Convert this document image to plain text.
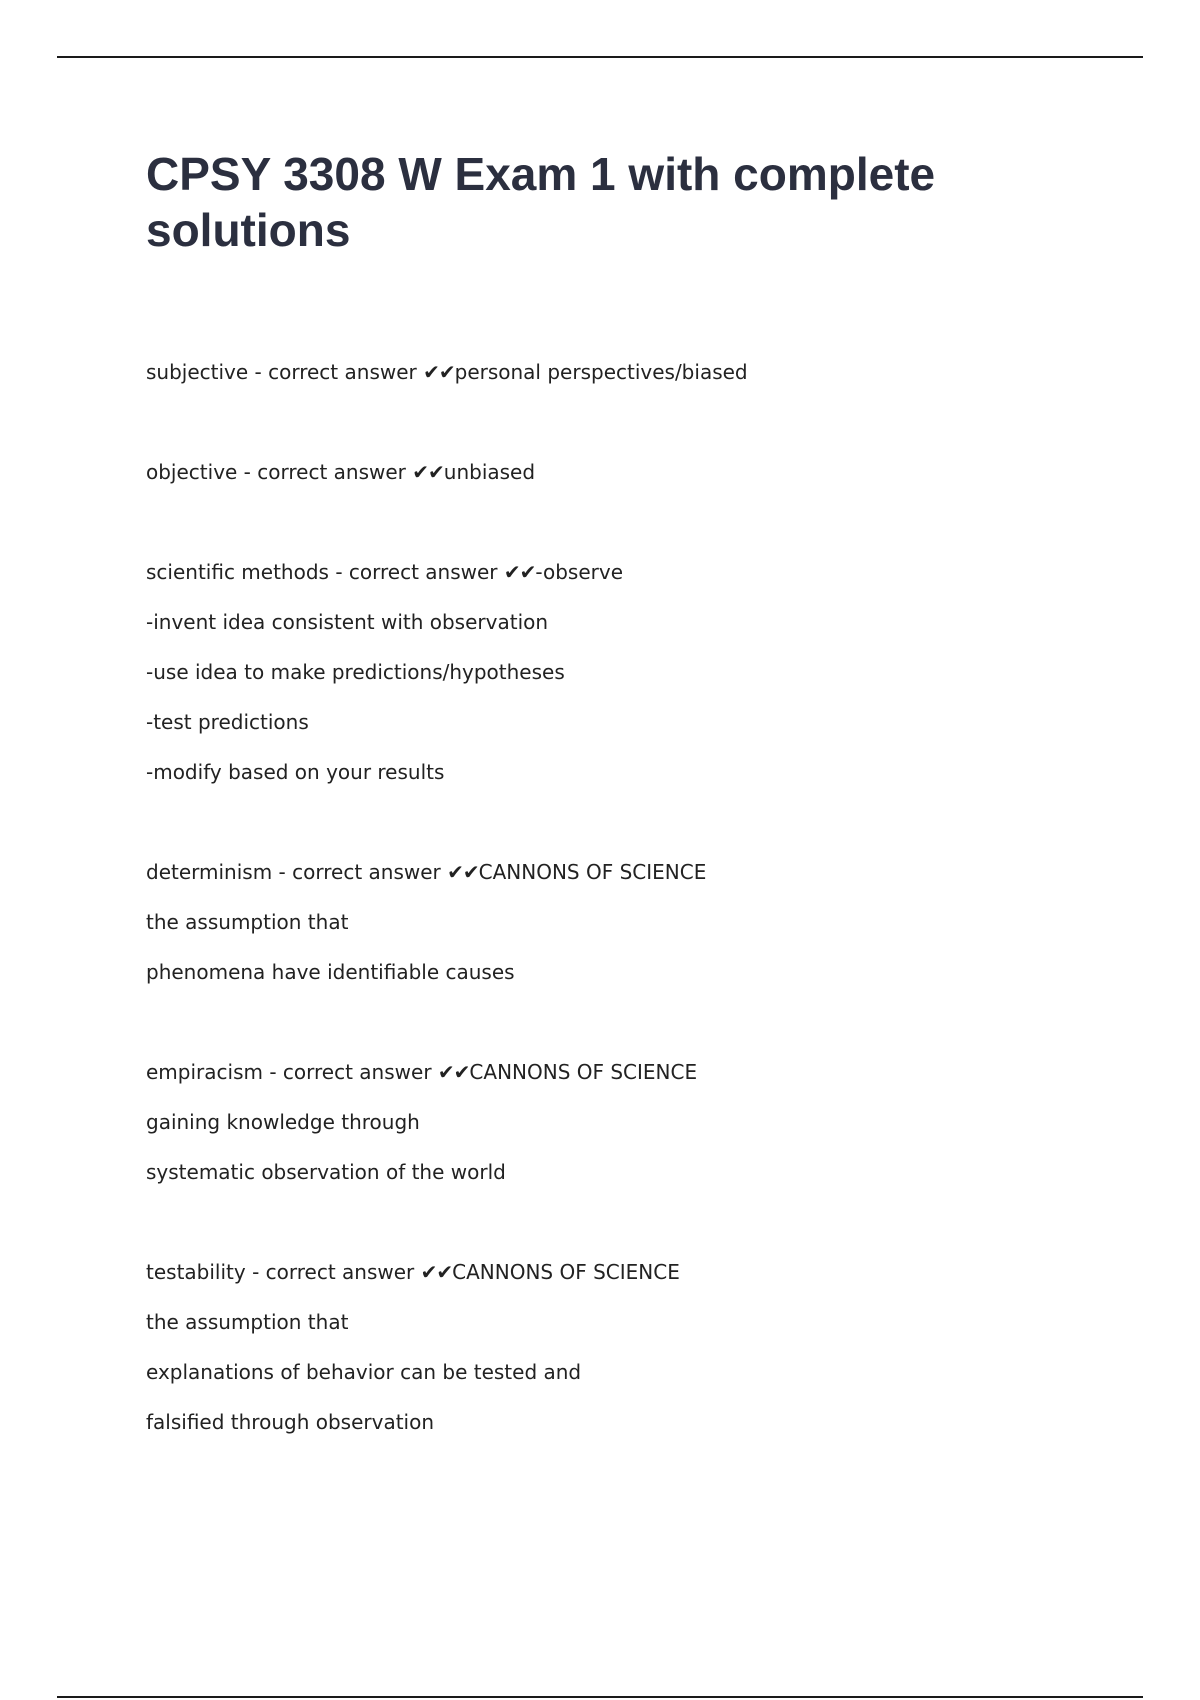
CPSY 3308 W Exam 1 with complete solutions

subjective - correct answer ✔✔personal perspectives/biased

objective - correct answer ✔✔unbiased

scientific methods - correct answer ✔✔-observe

-invent idea consistent with observation

-use idea to make predictions/hypotheses

-test predictions

-modify based on your results

determinism - correct answer ✔✔CANNONS OF SCIENCE

the assumption that

phenomena have identifiable causes

empiracism - correct answer ✔✔CANNONS OF SCIENCE

gaining knowledge through

systematic observation of the world

testability - correct answer ✔✔CANNONS OF SCIENCE

the assumption that

explanations of behavior can be tested and

falsified through observation
